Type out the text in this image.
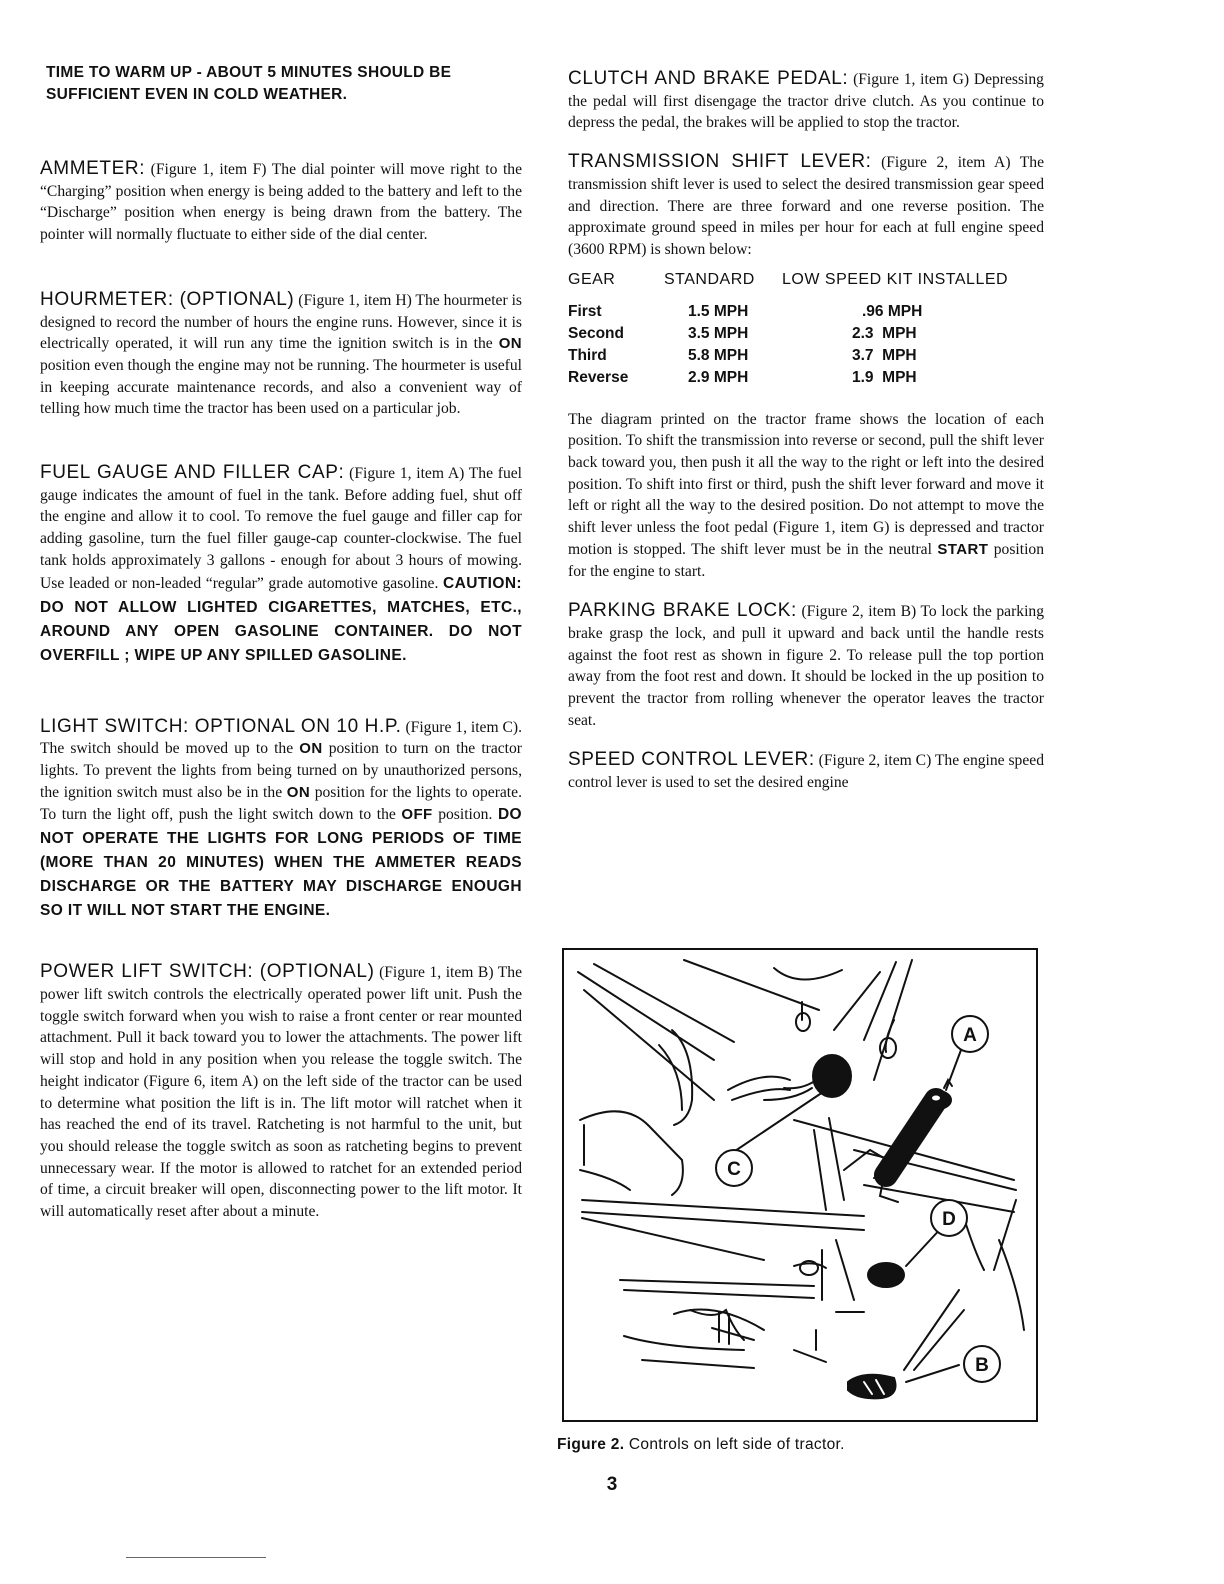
TIME TO WARM UP - ABOUT 5 MINUTES SHOULD BE SUFFICIENT EVEN IN COLD WEATHER.

AMMETER: (Figure 1, item F) The dial pointer will move right to the “Charging” position when energy is being added to the battery and left to the “Discharge” position when energy is being drawn from the battery. The pointer will normally fluctuate to either side of the dial center.

HOURMETER: (OPTIONAL) (Figure 1, item H) The hourmeter is designed to record the number of hours the engine runs. However, since it is electrically operated, it will run any time the ignition switch is in the ON position even though the engine may not be running. The hourmeter is useful in keeping accurate maintenance records, and also a convenient way of telling how much time the tractor has been used on a particular job.

FUEL GAUGE AND FILLER CAP: (Figure 1, item A) The fuel gauge indicates the amount of fuel in the tank. Before adding fuel, shut off the engine and allow it to cool. To remove the fuel gauge and filler cap for adding gasoline, turn the fuel filler gauge-cap counter-clockwise. The fuel tank holds approximately 3 gallons - enough for about 3 hours of mowing. Use leaded or non-leaded “regular” grade automotive gasoline. CAUTION: DO NOT ALLOW LIGHTED CIGARETTES, MATCHES, ETC., AROUND ANY OPEN GASOLINE CONTAINER. DO NOT OVERFILL ; WIPE UP ANY SPILLED GASOLINE.

LIGHT SWITCH: OPTIONAL ON 10 H.P. (Figure 1, item C). The switch should be moved up to the ON position to turn on the tractor lights. To prevent the lights from being turned on by unauthorized persons, the ignition switch must also be in the ON position for the lights to operate. To turn the light off, push the light switch down to the OFF position. DO NOT OPERATE THE LIGHTS FOR LONG PERIODS OF TIME (MORE THAN 20 MINUTES) WHEN THE AMMETER READS DISCHARGE OR THE BATTERY MAY DISCHARGE ENOUGH SO IT WILL NOT START THE ENGINE.

POWER LIFT SWITCH: (OPTIONAL) (Figure 1, item B) The power lift switch controls the electrically operated power lift unit. Push the toggle switch forward when you wish to raise a front center or rear mounted attachment. Pull it back toward you to lower the attachments. The power lift will stop and hold in any position when you release the toggle switch. The height indicator (Figure 6, item A) on the left side of the tractor can be used to determine what position the lift is in. The lift motor will ratchet when it has reached the end of its travel. Ratcheting is not harmful to the unit, but you should release the toggle switch as soon as ratcheting begins to prevent unnecessary wear. If the motor is allowed to ratchet for an extended period of time, a circuit breaker will open, disconnecting power to the lift motor. It will automatically reset after about a minute.

CLUTCH AND BRAKE PEDAL: (Figure 1, item G) Depressing the pedal will first disengage the tractor drive clutch. As you continue to depress the pedal, the brakes will be applied to stop the tractor.

TRANSMISSION SHIFT LEVER: (Figure 2, item A) The transmission shift lever is used to select the desired transmission gear speed and direction. There are three forward and one reverse position. The approximate ground speed in miles per hour for each at full engine speed (3600 RPM) is shown below:

GEAR	STANDARD	LOW SPEED KIT INSTALLED
First	1.5 MPH	.96 MPH
Second	3.5 MPH	2.3  MPH
Third	5.8 MPH	3.7  MPH
Reverse	2.9 MPH	1.9  MPH

The diagram printed on the tractor frame shows the location of each position. To shift the transmission into reverse or second, pull the shift lever back toward you, then push it all the way to the right or left into the desired position. To shift into first or third, push the shift lever forward and move it left or right all the way to the desired position. Do not attempt to move the shift lever unless the foot pedal (Figure 1, item G) is depressed and tractor motion is stopped. The shift lever must be in the neutral START position for the engine to start.

PARKING BRAKE LOCK: (Figure 2, item B) To lock the parking brake grasp the lock, and pull it upward and back until the handle rests against the foot rest as shown in figure 2. To release pull the top portion away from the foot rest and down. It should be locked in the up position to prevent the tractor from rolling whenever the operator leaves the tractor seat.

SPEED CONTROL LEVER: (Figure 2, item C) The engine speed control lever is used to set the desired engine

A
C
D
B
Figure 2. Controls on left side of tractor.
3
